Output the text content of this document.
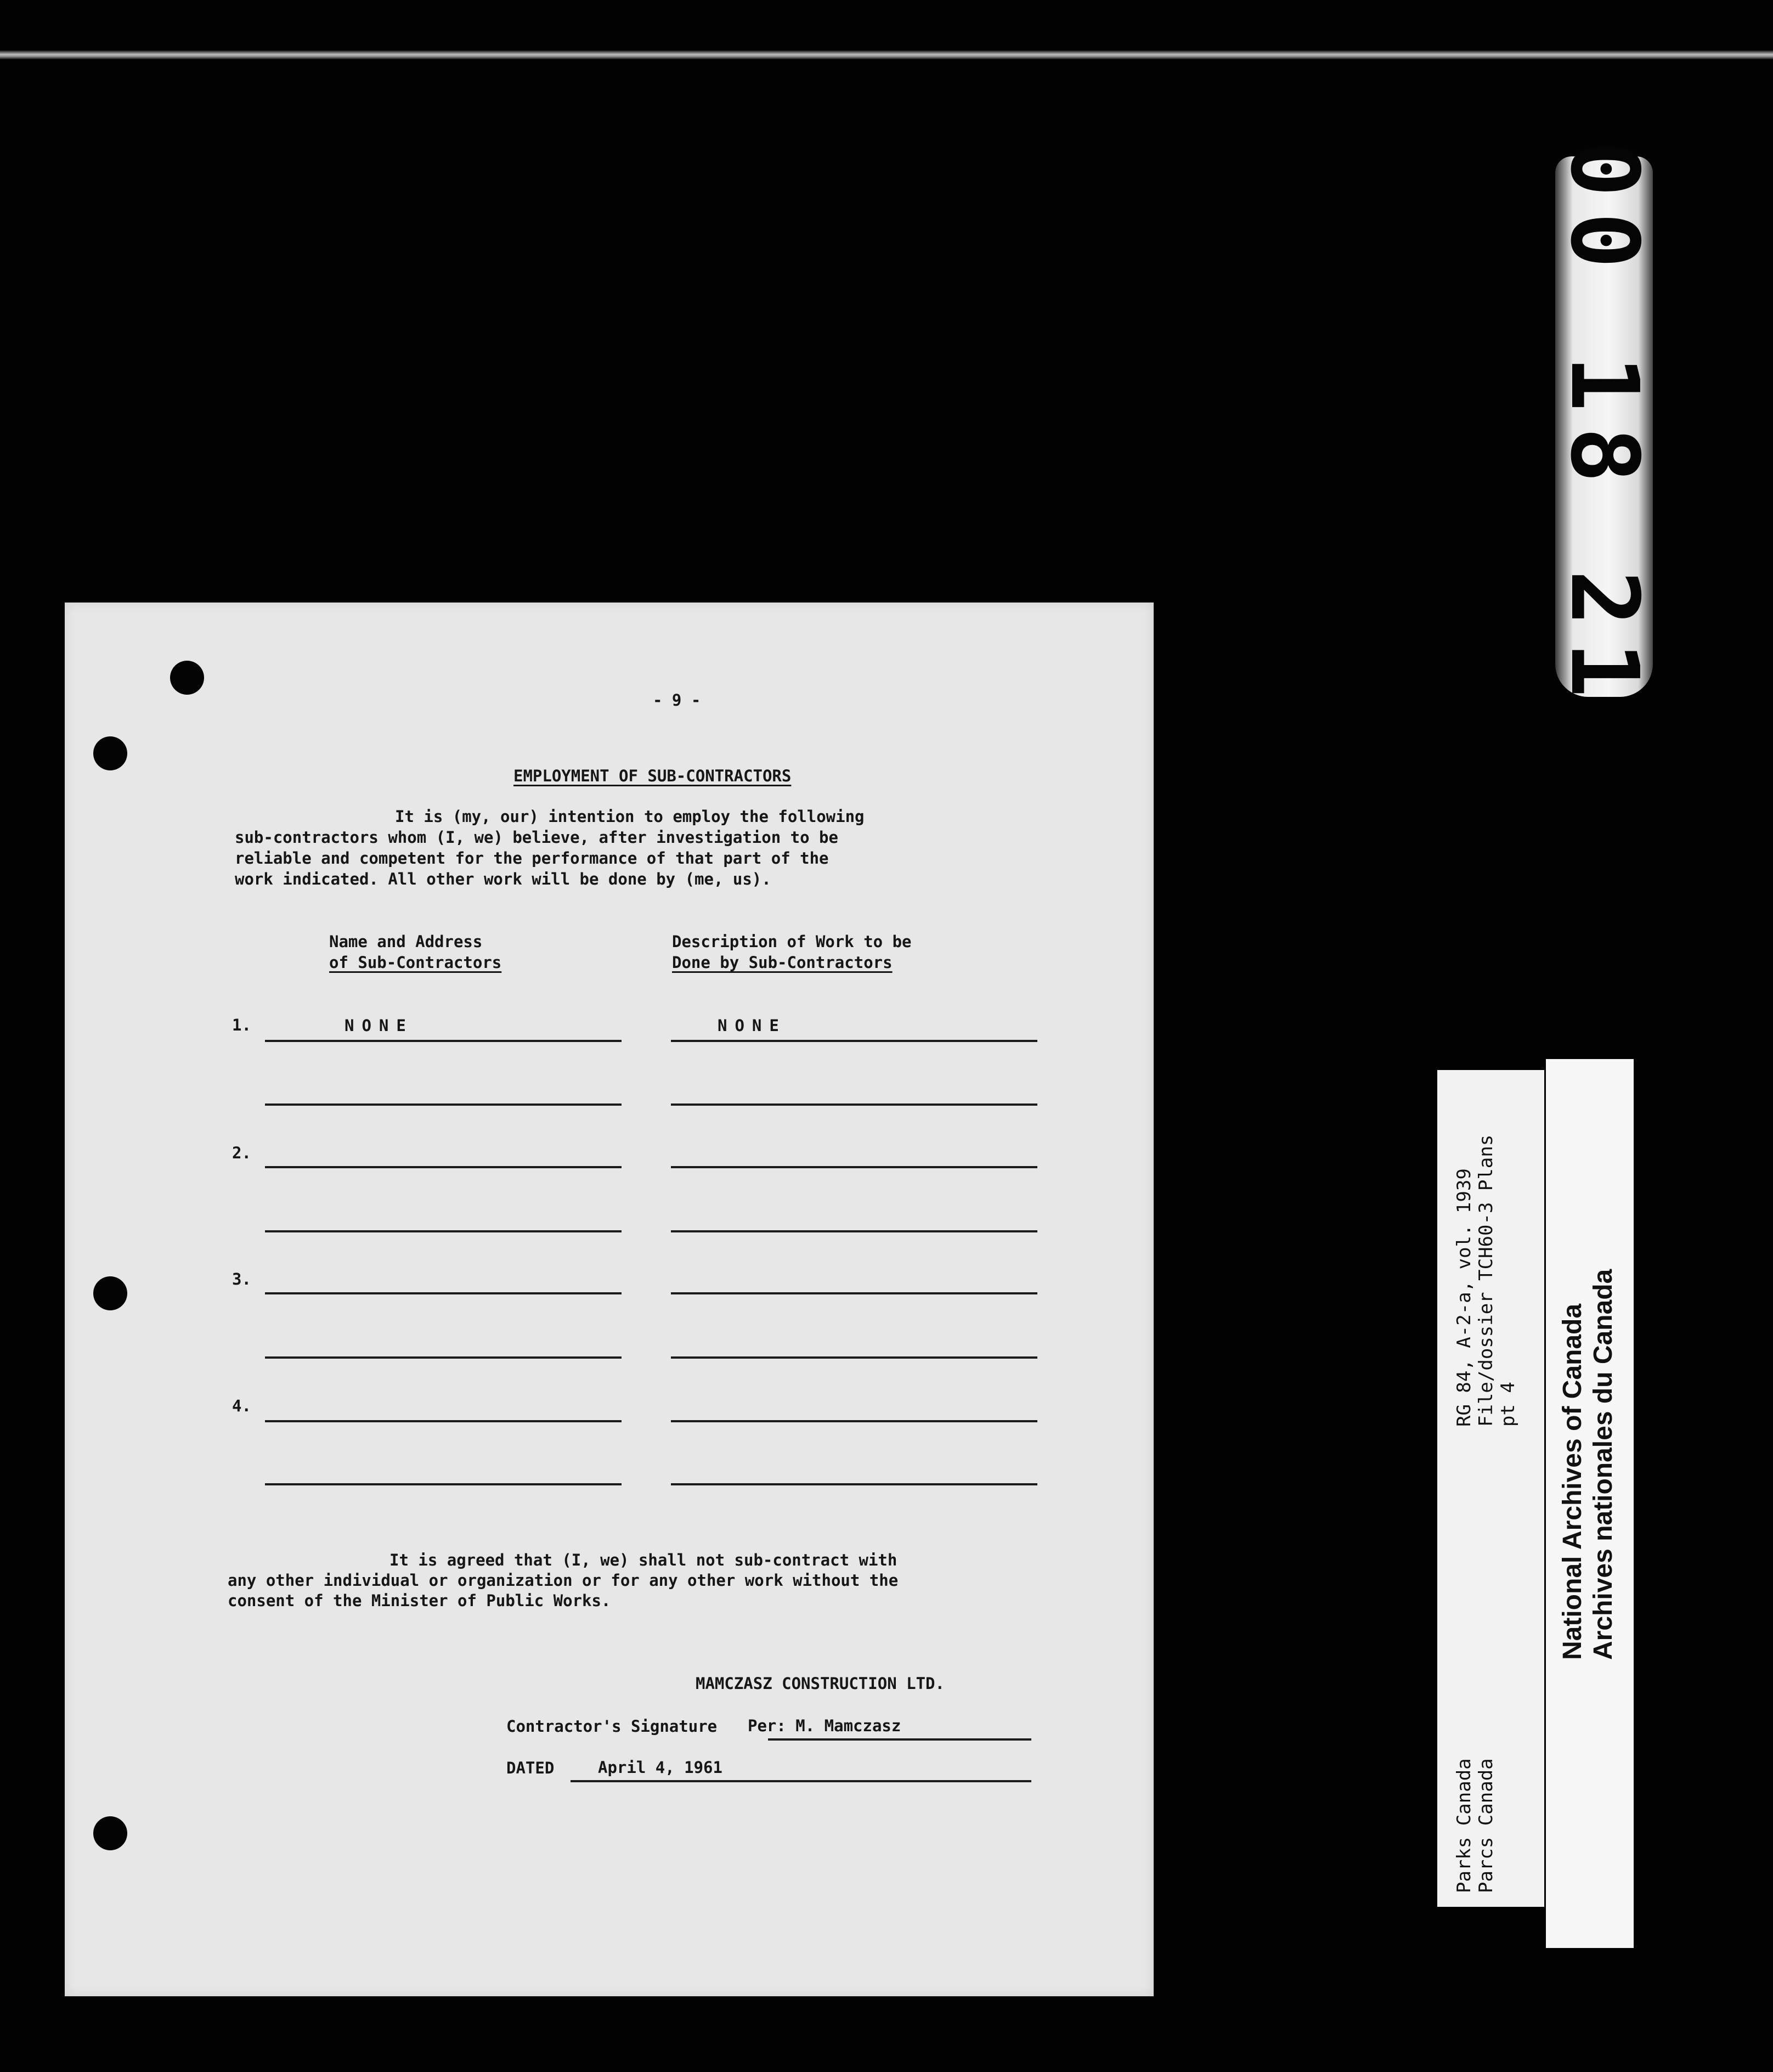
00 18 21
- 9 -
EMPLOYMENT OF SUB-CONTRACTORS
It is (my, our) intention to employ the following
sub-contractors whom (I, we) believe, after investigation to be
reliable and competent for the performance of that part of the
work indicated. All other work will be done by (me, us).
Name and Address
of Sub-Contractors
Description of Work to be
Done by Sub-Contractors
1.	NONE	NONE
2.
3.
4.
It is agreed that (I, we) shall not sub-contract with
any other individual or organization or for any other work without the
consent of the Minister of Public Works.
MAMCZASZ CONSTRUCTION LTD.
Contractor's Signature Per: M. Mamczasz
DATED	April 4, 1961
RG 84, A-2-a, vol. 1939 File/dossier TCH60-3 Plans pt 4
Parks Canada Parcs Canada
National Archives of Canada Archives nationales du Canada
